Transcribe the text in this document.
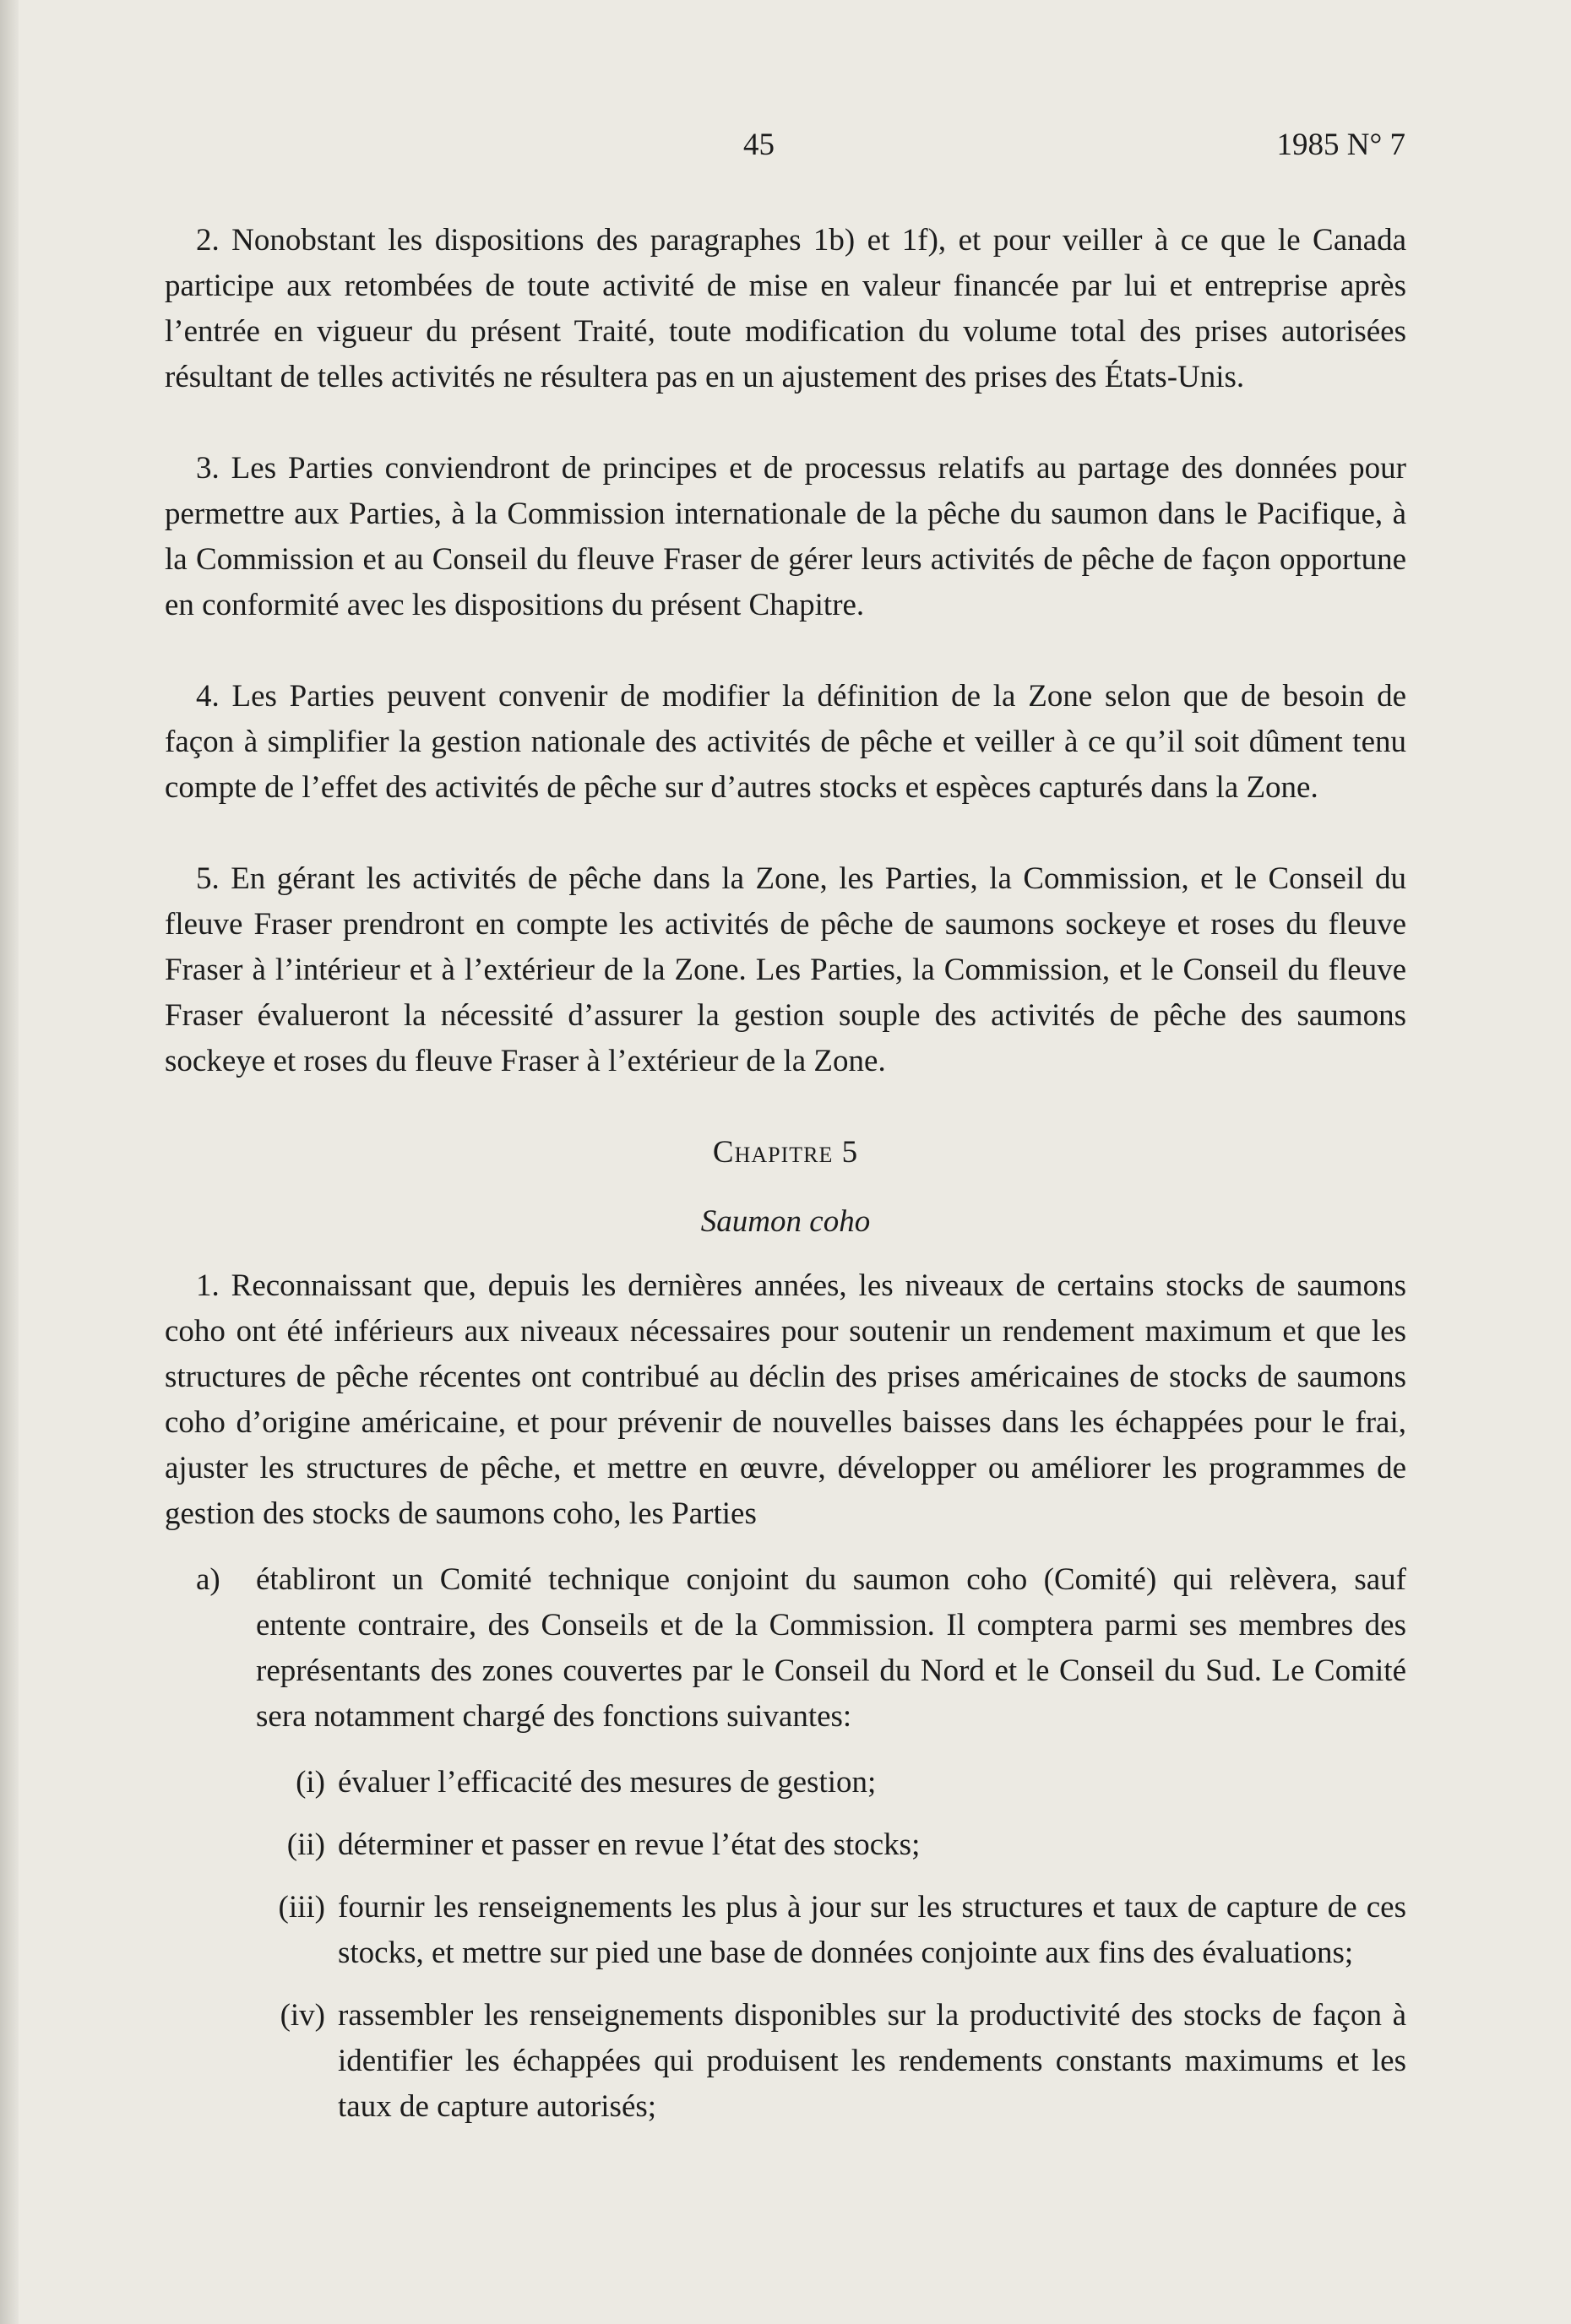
45	1985 N° 7

2. Nonobstant les dispositions des paragraphes 1b) et 1f), et pour veiller à ce que le Canada participe aux retombées de toute activité de mise en valeur financée par lui et entreprise après l’entrée en vigueur du présent Traité, toute modification du volume total des prises autorisées résultant de telles activités ne résultera pas en un ajustement des prises des États-Unis.

3. Les Parties conviendront de principes et de processus relatifs au partage des données pour permettre aux Parties, à la Commission internationale de la pêche du saumon dans le Pacifique, à la Commission et au Conseil du fleuve Fraser de gérer leurs activités de pêche de façon opportune en conformité avec les dispositions du présent Chapitre.

4. Les Parties peuvent convenir de modifier la définition de la Zone selon que de besoin de façon à simplifier la gestion nationale des activités de pêche et veiller à ce qu’il soit dûment tenu compte de l’effet des activités de pêche sur d’autres stocks et espèces capturés dans la Zone.

5. En gérant les activités de pêche dans la Zone, les Parties, la Commission, et le Conseil du fleuve Fraser prendront en compte les activités de pêche de saumons sockeye et roses du fleuve Fraser à l’intérieur et à l’extérieur de la Zone. Les Parties, la Commission, et le Conseil du fleuve Fraser évalueront la nécessité d’assurer la gestion souple des activités de pêche des saumons sockeye et roses du fleuve Fraser à l’extérieur de la Zone.

Chapitre 5
Saumon coho

1. Reconnaissant que, depuis les dernières années, les niveaux de certains stocks de saumons coho ont été inférieurs aux niveaux nécessaires pour soutenir un rendement maximum et que les structures de pêche récentes ont contribué au déclin des prises américaines de stocks de saumons coho d’origine américaine, et pour prévenir de nouvelles baisses dans les échappées pour le frai, ajuster les structures de pêche, et mettre en œuvre, développer ou améliorer les programmes de gestion des stocks de saumons coho, les Parties

a) établiront un Comité technique conjoint du saumon coho (Comité) qui relèvera, sauf entente contraire, des Conseils et de la Commission. Il comptera parmi ses membres des représentants des zones couvertes par le Conseil du Nord et le Conseil du Sud. Le Comité sera notamment chargé des fonctions suivantes:
(i) évaluer l’efficacité des mesures de gestion;
(ii) déterminer et passer en revue l’état des stocks;
(iii) fournir les renseignements les plus à jour sur les structures et taux de capture de ces stocks, et mettre sur pied une base de données conjointe aux fins des évaluations;
(iv) rassembler les renseignements disponibles sur la productivité des stocks de façon à identifier les échappées qui produisent les rendements constants maximums et les taux de capture autorisés;
